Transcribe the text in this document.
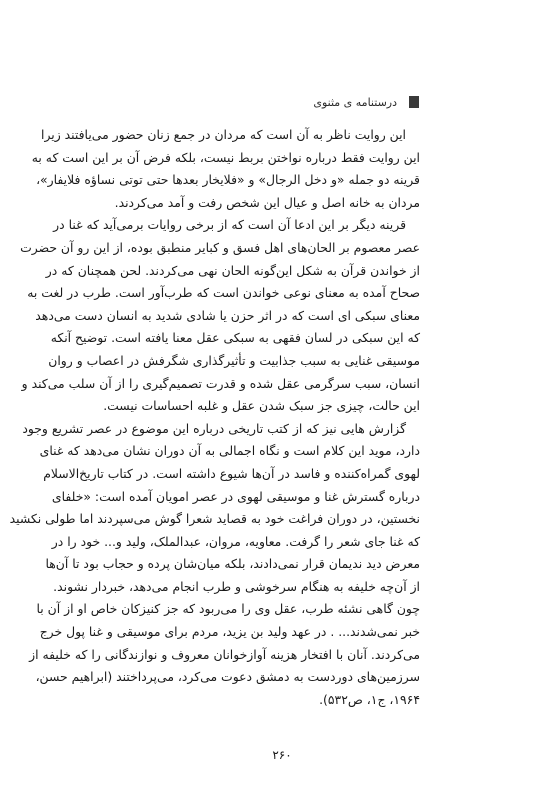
درستنامه ی مثنوی
این روایت ناظر به آن است که مردان در جمع زنان حضور می‌یافتند زیرا
این روایت فقط درباره نواختن بربط نیست، بلکه فرض آن بر این است که به
قرینه دو جمله «و دخل الرجال» و «فلایخار بعدها حتی توتی نساؤه فلایفار»،
مردان به خانه اصل و عیال این شخص رفت و آمد می‌کردند.
قرینه دیگر بر این ادعا آن است که از برخی روایات برمی‌آید که غنا در
عصر معصوم بر الحان‌های اهل فسق و کبایر منطبق بوده، از این رو آن حضرت
از خواندن قرآن به شکل این‌گونه الحان نهی می‌کردند. لحن همچنان که در
صحاح آمده به معنای نوعی خواندن است که طرب‌آور است. طرب در لغت به
معنای سبکی ای است که در اثر حزن یا شادی شدید به انسان دست می‌دهد
که این سبکی در لسان فقهی به سبکی عقل معنا یافته است. توضیح آنکه
موسیقی غنایی به سبب جذابیت و تأثیرگذاری شگرفش در اعصاب و روان
انسان، سبب سرگرمی عقل شده و قدرت تصمیم‌گیری را از آن سلب می‌کند و
این حالت، چیزی جز سبک شدن عقل و غلبه احساسات نیست.
گزارش هایی نیز که از کتب تاریخی درباره این موضوع در عصر تشریع وجود
دارد، موید این کلام است و نگاه اجمالی به آن دوران نشان می‌دهد که غنای
لهوی گمراه‌کننده و فاسد در آن‌ها شیوع داشته است. در کتاب تاریخ‌الاسلام
درباره گسترش غنا و موسیقی لهوی در عصر امویان آمده است: «خلفای
نخستین، در دوران فراغت خود به قصاید شعرا گوش می‌سپردند اما طولی نکشید
که غنا جای شعر را گرفت. معاویه، مروان، عبدالملک، ولید و... خود را در
معرض دید ندیمان قرار نمی‌دادند، بلکه میان‌شان پرده و حجاب بود تا آن‌ها
از آن‌چه خلیفه به هنگام سرخوشی و طرب انجام می‌دهد، خبردار نشوند.
چون گاهی نشئه طرب، عقل وی را می‌ربود که جز کنیزکان خاص او از آن با
خبر نمی‌شدند... . در عهد ولید بن یزید، مردم برای موسیقی و غنا پول خرج
می‌کردند. آنان با افتخار هزینه آوازخوانان معروف و نوازندگانی را که خلیفه از
سرزمین‌های دوردست به دمشق دعوت می‌کرد، می‌پرداختند (ابراهیم حسن،
۱۹۶۴، ج۱، ص۵۳۲).
۲۶۰
